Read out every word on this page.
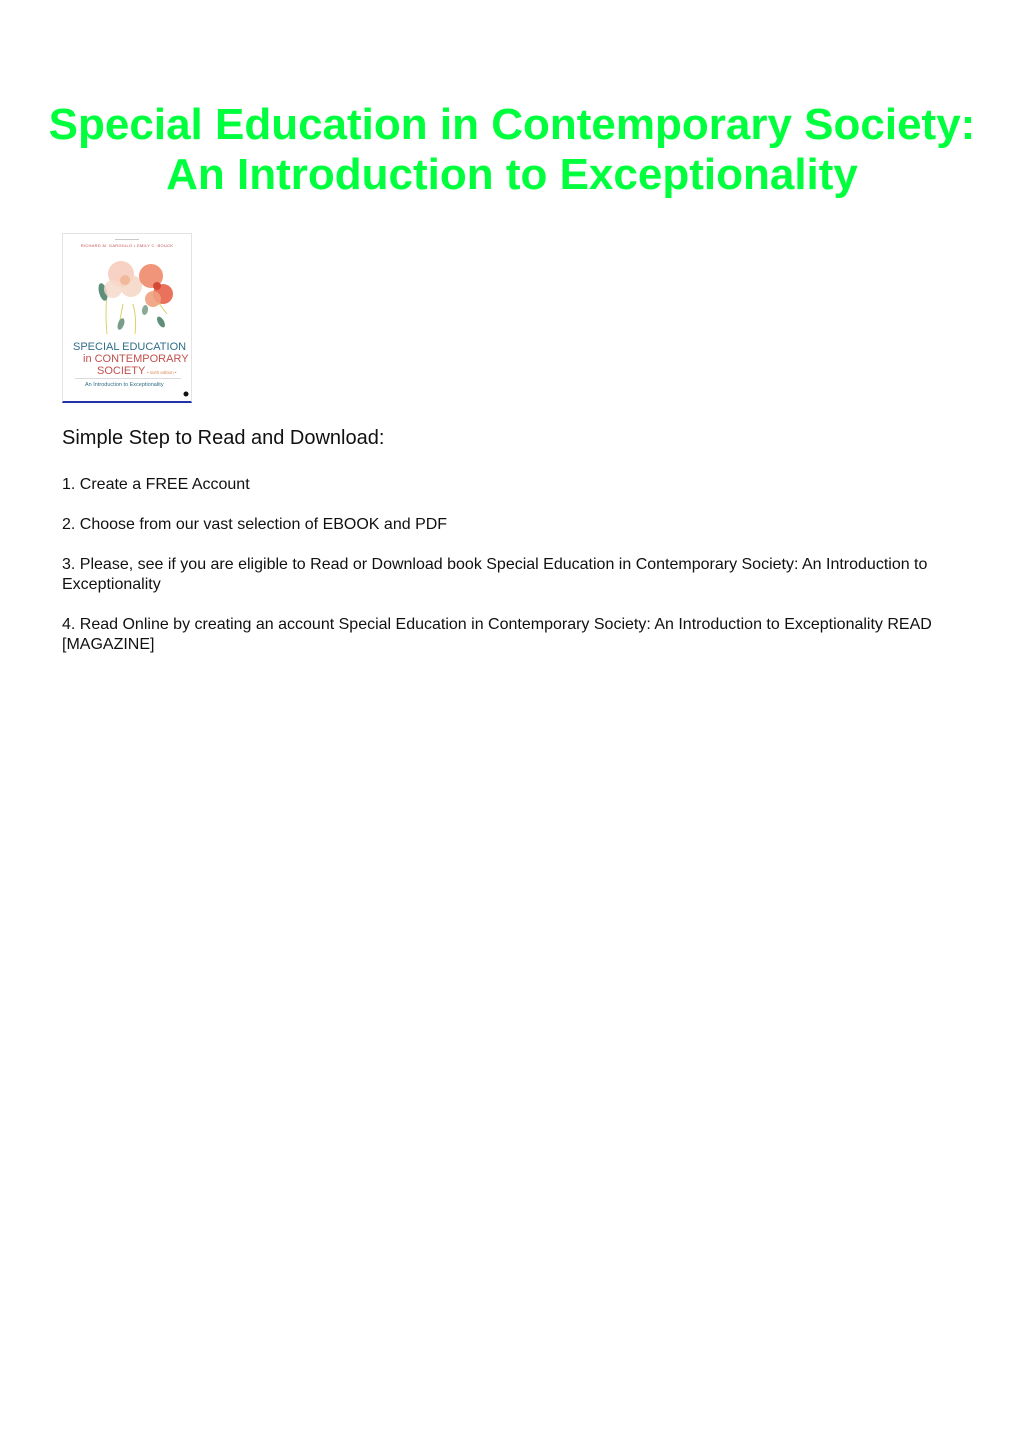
Special Education in Contemporary Society:
An Introduction to Exceptionality
RICHARD M. GARGIULO • EMILY C. BOUCK
SPECIAL EDUCATION
in CONTEMPORARY
SOCIETY • sixth edition •
An Introduction to Exceptionality
Simple Step to Read and Download:
1. Create a FREE Account
2. Choose from our vast selection of EBOOK and PDF
3. Please, see if you are eligible to Read or Download book Special Education in Contemporary Society: An Introduction to Exceptionality
4. Read Online by creating an account Special Education in Contemporary Society: An Introduction to Exceptionality READ [MAGAZINE]
